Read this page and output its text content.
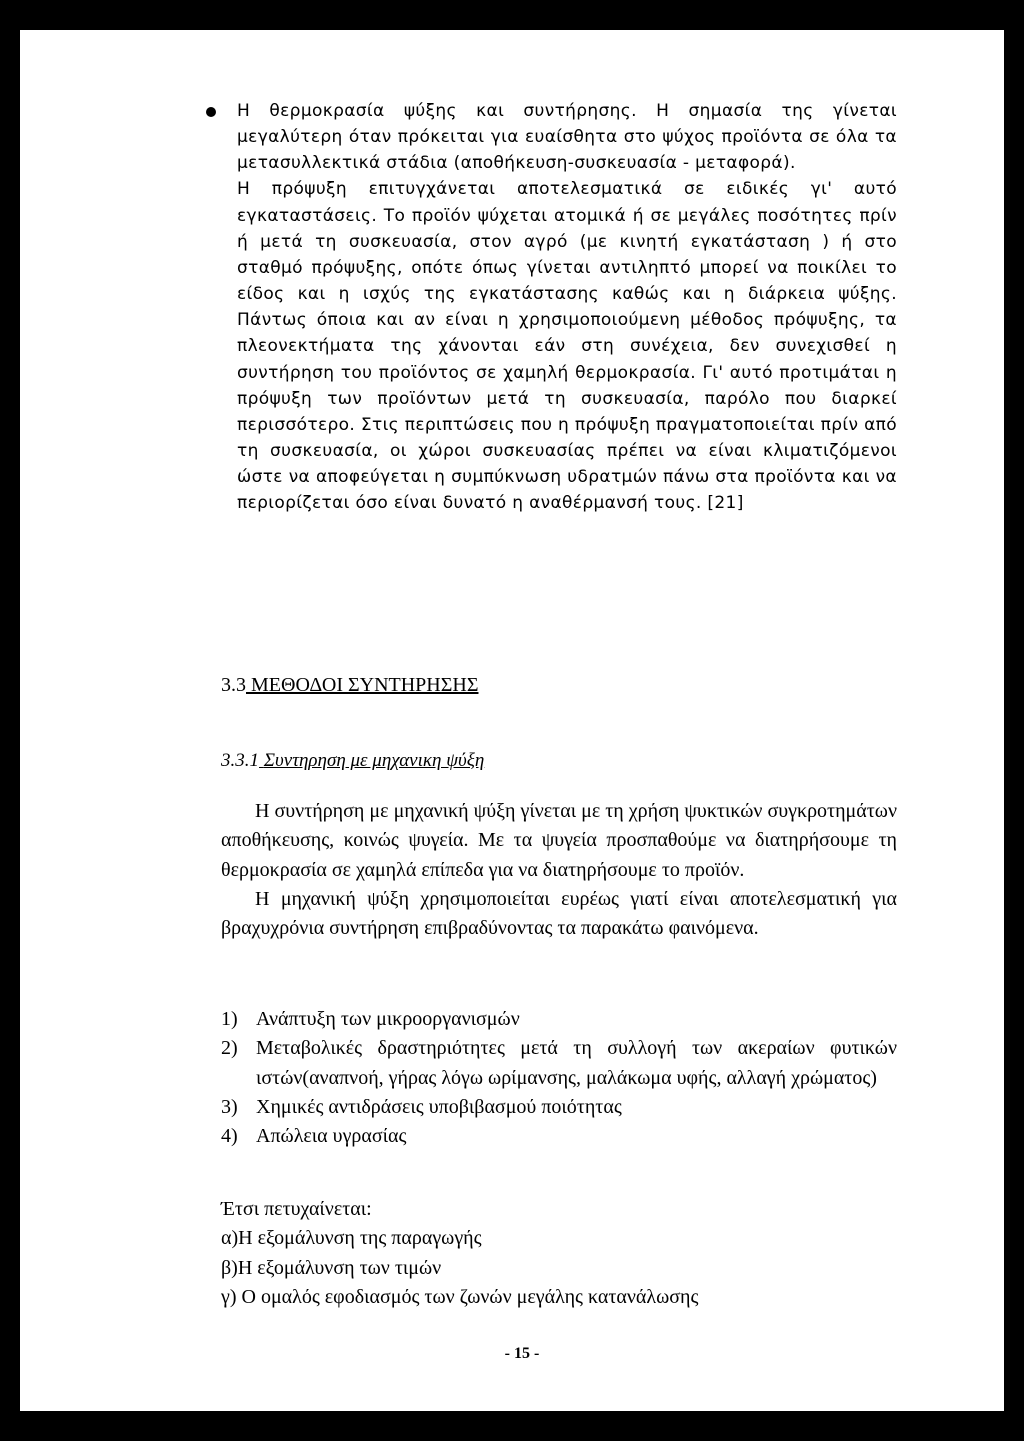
Η θερμοκρασία ψύξης και συντήρησης. Η σημασία της γίνεται μεγαλύτερη όταν πρόκειται για ευαίσθητα στο ψύχος προϊόντα σε όλα τα μετασυλλεκτικά στάδια (αποθήκευση-συσκευασία - μεταφορά).

Η πρόψυξη επιτυγχάνεται αποτελεσματικά σε ειδικές γι' αυτό εγκαταστάσεις. Το προϊόν ψύχεται ατομικά ή σε μεγάλες ποσότητες πρίν ή μετά τη συσκευασία, στον αγρό (με κινητή εγκατάσταση ) ή στο σταθμό πρόψυξης, οπότε όπως γίνεται αντιληπτό μπορεί να ποικίλει το είδος και η ισχύς της εγκατάστασης καθώς και η διάρκεια ψύξης. Πάντως όποια και αν είναι η χρησιμοποιούμενη μέθοδος πρόψυξης, τα πλεονεκτήματα της χάνονται εάν στη συνέχεια, δεν συνεχισθεί η συντήρηση του προϊόντος σε χαμηλή θερμοκρασία. Γι' αυτό προτιμάται η πρόψυξη των προϊόντων μετά τη συσκευασία, παρόλο που διαρκεί περισσότερο. Στις περιπτώσεις που η πρόψυξη πραγματοποιείται πρίν από τη συσκευασία, οι χώροι συσκευασίας πρέπει να είναι κλιματιζόμενοι ώστε να αποφεύγεται η συμπύκνωση υδρατμών πάνω στα προϊόντα και να περιορίζεται όσο είναι δυνατό η αναθέρμανσή τους. [21]

3.3 ΜΕΘΟΔΟΙ ΣΥΝΤΗΡΗΣΗΣ
3.3.1 Συντηρηση με μηχανικη ψύξη

Η συντήρηση με μηχανική ψύξη γίνεται με τη χρήση ψυκτικών συγκροτημάτων αποθήκευσης, κοινώς ψυγεία. Με τα ψυγεία προσπαθούμε να διατηρήσουμε τη θερμοκρασία σε χαμηλά επίπεδα για να διατηρήσουμε το προϊόν.

Η μηχανική ψύξη χρησιμοποιείται ευρέως γιατί είναι αποτελεσματική για βραχυχρόνια συντήρηση επιβραδύνοντας τα παρακάτω φαινόμενα.

1) Ανάπτυξη των μικροοργανισμών
2) Μεταβολικές δραστηριότητες μετά τη συλλογή των ακεραίων φυτικών ιστών(αναπνοή, γήρας λόγω ωρίμανσης, μαλάκωμα υφής, αλλαγή χρώματος)
3) Χημικές αντιδράσεις υποβιβασμού ποιότητας
4) Απώλεια υγρασίας

Έτσι πετυχαίνεται:

α)Η εξομάλυνση της παραγωγής

β)Η εξομάλυνση των τιμών

γ) Ο ομαλός εφοδιασμός των ζωνών μεγάλης κατανάλωσης

- 15 -
